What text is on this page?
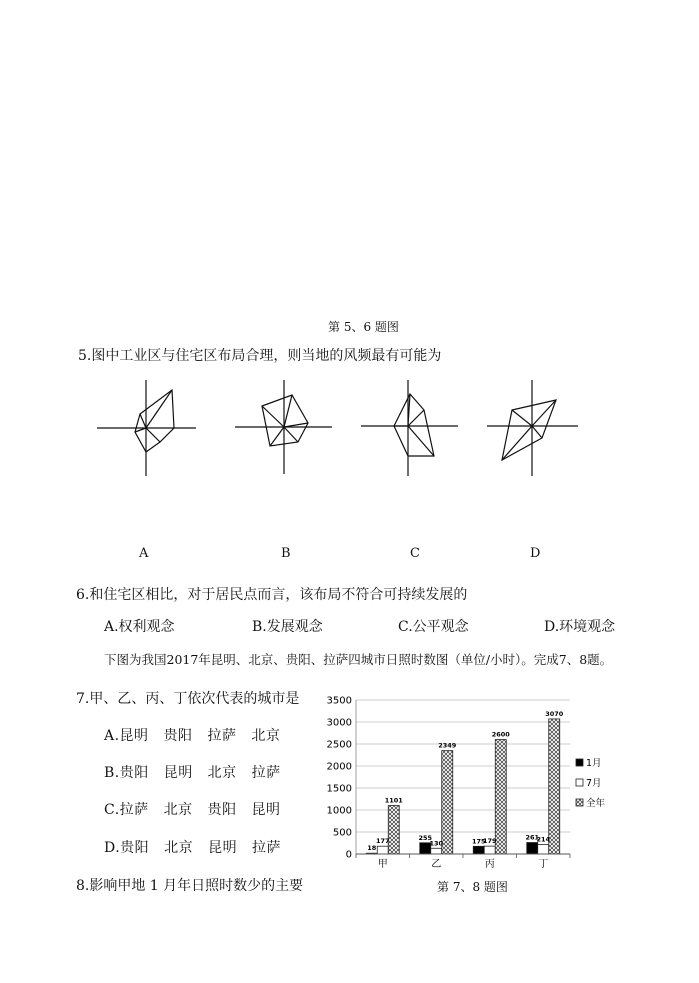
第 5、6 题图
5.图中工业区与住宅区布局合理，则当地的风频最有可能为
A	B	C	D
6.和住宅区相比，对于居民点而言，该布局不符合可持续发展的
A.权利观念	B.发展观念	C.公平观念	D.环境观念
下图为我国2017年昆明、北京、贵阳、拉萨四城市日照时数图（单位/小时）。完成7、8题。
7.甲、乙、丙、丁依次代表的城市是
A.昆明 贵阳 拉萨 北京
B.贵阳 昆明 北京 拉萨
C.拉萨 北京 贵阳 昆明
D.贵阳 北京 昆明 拉萨
8.影响甲地 1 月年日照时数少的主要
18
177
1101
255
130
2349
175
179
2600
261
214
3070
0
500
1000
1500
2000
2500
3000
3500
甲	乙	丙	丁
1月
7月
全年
第 7、8 题图
